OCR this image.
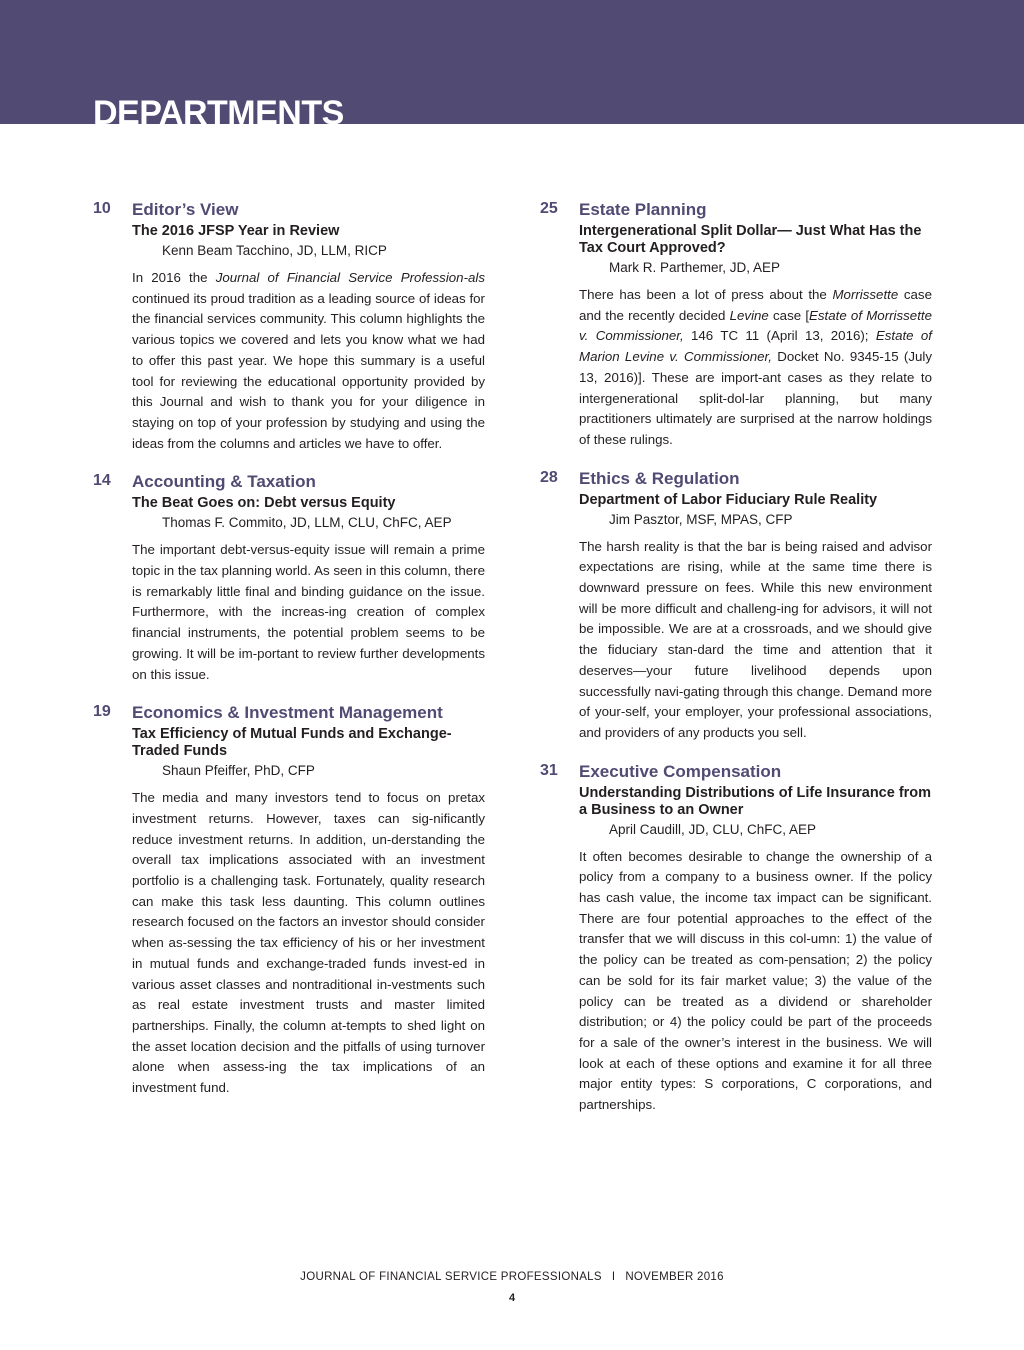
DEPARTMENTS
10 Editor’s View
The 2016 JFSP Year in Review
Kenn Beam Tacchino, JD, LLM, RICP
In 2016 the Journal of Financial Service Profession-als continued its proud tradition as a leading source of ideas for the financial services community. This column highlights the various topics we covered and lets you know what we had to offer this past year. We hope this summary is a useful tool for reviewing the educational opportunity provided by this Journal and wish to thank you for your diligence in staying on top of your profession by studying and using the ideas from the columns and articles we have to offer.
14 Accounting & Taxation
The Beat Goes on: Debt versus Equity
Thomas F. Commito, JD, LLM, CLU, ChFC, AEP
The important debt-versus-equity issue will remain a prime topic in the tax planning world. As seen in this column, there is remarkably little final and binding guidance on the issue. Furthermore, with the increas-ing creation of complex financial instruments, the potential problem seems to be growing. It will be im-portant to review further developments on this issue.
19 Economics & Investment Management
Tax Efficiency of Mutual Funds and Exchange-Traded Funds
Shaun Pfeiffer, PhD, CFP
The media and many investors tend to focus on pretax investment returns. However, taxes can sig-nificantly reduce investment returns. In addition, un-derstanding the overall tax implications associated with an investment portfolio is a challenging task. Fortunately, quality research can make this task less daunting. This column outlines research focused on the factors an investor should consider when as-sessing the tax efficiency of his or her investment in mutual funds and exchange-traded funds invest-ed in various asset classes and nontraditional in-vestments such as real estate investment trusts and master limited partnerships. Finally, the column at-tempts to shed light on the asset location decision and the pitfalls of using turnover alone when assess-ing the tax implications of an investment fund.
25 Estate Planning
Intergenerational Split Dollar— Just What Has the Tax Court Approved?
Mark R. Parthemer, JD, AEP
There has been a lot of press about the Morrissette case and the recently decided Levine case [Estate of Morrissette v. Commissioner, 146 TC 11 (April 13, 2016); Estate of Marion Levine v. Commissioner, Docket No. 9345-15 (July 13, 2016)]. These are import-ant cases as they relate to intergenerational split-dol-lar planning, but many practitioners ultimately are surprised at the narrow holdings of these rulings.
28 Ethics & Regulation
Department of Labor Fiduciary Rule Reality
Jim Pasztor, MSF, MPAS, CFP
The harsh reality is that the bar is being raised and advisor expectations are rising, while at the same time there is downward pressure on fees. While this new environment will be more difficult and challeng-ing for advisors, it will not be impossible. We are at a crossroads, and we should give the fiduciary stan-dard the time and attention that it deserves—your future livelihood depends upon successfully navi-gating through this change. Demand more of your-self, your employer, your professional associations, and providers of any products you sell.
31 Executive Compensation
Understanding Distributions of Life Insurance from a Business to an Owner
April Caudill, JD, CLU, ChFC, AEP
It often becomes desirable to change the ownership of a policy from a company to a business owner. If the policy has cash value, the income tax impact can be significant. There are four potential approaches to the effect of the transfer that we will discuss in this col-umn: 1) the value of the policy can be treated as com-pensation; 2) the policy can be sold for its fair market value; 3) the value of the policy can be treated as a dividend or shareholder distribution; or 4) the policy could be part of the proceeds for a sale of the owner’s interest in the business. We will look at each of these options and examine it for all three major entity types: S corporations, C corporations, and partnerships.
JOURNAL OF FINANCIAL SERVICE PROFESSIONALS I NOVEMBER 2016
4
